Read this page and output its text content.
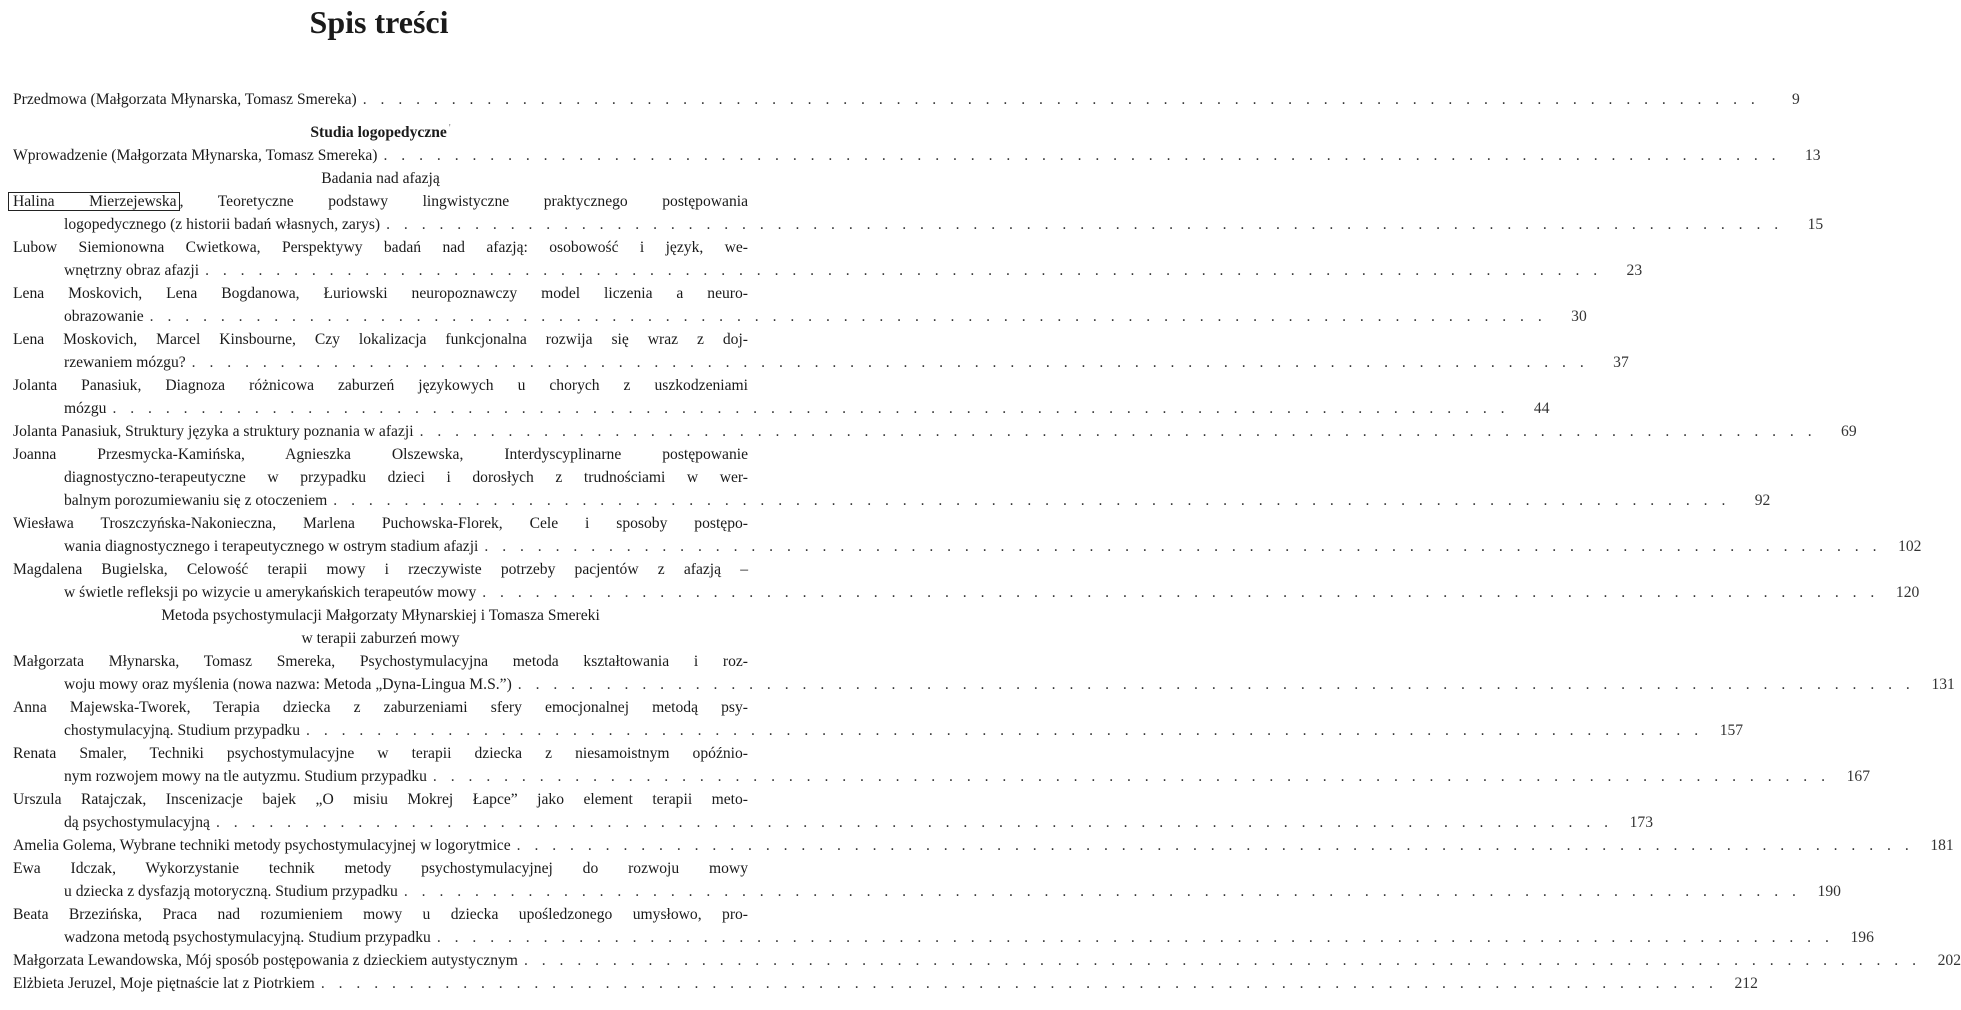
Spis treści
Przedmowa (Małgorzata Młynarska, Tomasz Smereka) . . . . . . . . . . . . . . . . . . . . . . . . . . . . . . . . . . . . . . . . . . . . . . . . . . . . . . . . . . . . . . . . . . . . . . . . . . . . . . .	9
Studia logopedyczne '
Wprowadzenie (Małgorzata Młynarska, Tomasz Smereka) . . . . . . . . . . . . . . . . . . . . . . . . . . . . . . . . . . . . . . . . . . . . . . . . . . . . . . . . . . . . . . . . . . . . . . . . . . . . . . .	13
Badania nad afazją
Halina Mierzejewska , Teoretyczne podstawy lingwistyczne praktycznego postępowania
logopedycznego (z historii badań własnych, zarys) . . . . . . . . . . . . . . . . . . . . . . . . . . . . . . . . . . . . . . . . . . . . . . . . . . . . . . . . . . . . . . . . . . . . . . . . . . . . . . .	15
Lubow Siemionowna Cwietkowa, Perspektywy badań nad afazją: osobowość i język, we-
wnętrzny obraz afazji . . . . . . . . . . . . . . . . . . . . . . . . . . . . . . . . . . . . . . . . . . . . . . . . . . . . . . . . . . . . . . . . . . . . . . . . . . . . . . .	23
Lena Moskovich, Lena Bogdanowa, Łuriowski neuropoznawczy model liczenia a neuro-
obrazowanie . . . . . . . . . . . . . . . . . . . . . . . . . . . . . . . . . . . . . . . . . . . . . . . . . . . . . . . . . . . . . . . . . . . . . . . . . . . . . . .	30
Lena Moskovich, Marcel Kinsbourne, Czy lokalizacja funkcjonalna rozwija się wraz z doj-
rzewaniem mózgu? . . . . . . . . . . . . . . . . . . . . . . . . . . . . . . . . . . . . . . . . . . . . . . . . . . . . . . . . . . . . . . . . . . . . . . . . . . . . . . .	37
Jolanta Panasiuk, Diagnoza różnicowa zaburzeń językowych u chorych z uszkodzeniami
mózgu . . . . . . . . . . . . . . . . . . . . . . . . . . . . . . . . . . . . . . . . . . . . . . . . . . . . . . . . . . . . . . . . . . . . . . . . . . . . . . .	44
Jolanta Panasiuk, Struktury języka a struktury poznania w afazji . . . . . . . . . . . . . . . . . . . . . . . . . . . . . . . . . . . . . . . . . . . . . . . . . . . . . . . . . . . . . . . . . . . . . . . . . . . . . . .	69
Joanna Przesmycka-Kamińska, Agnieszka Olszewska, Interdyscyplinarne postępowanie
diagnostyczno-terapeutyczne w przypadku dzieci i dorosłych z trudnościami w wer-
balnym porozumiewaniu się z otoczeniem . . . . . . . . . . . . . . . . . . . . . . . . . . . . . . . . . . . . . . . . . . . . . . . . . . . . . . . . . . . . . . . . . . . . . . . . . . . . . . .	92
Wiesława Troszczyńska-Nakonieczna, Marlena Puchowska-Florek, Cele i sposoby postępo-
wania diagnostycznego i terapeutycznego w ostrym stadium afazji . . . . . . . . . . . . . . . . . . . . . . . . . . . . . . . . . . . . . . . . . . . . . . . . . . . . . . . . . . . . . . . . . . . . . . . . . . . . . . .	102
Magdalena Bugielska, Celowość terapii mowy i rzeczywiste potrzeby pacjentów z afazją –
w świetle refleksji po wizycie u amerykańskich terapeutów mowy . . . . . . . . . . . . . . . . . . . . . . . . . . . . . . . . . . . . . . . . . . . . . . . . . . . . . . . . . . . . . . . . . . . . . . . . . . . . . . .	120
Metoda psychostymulacji Małgorzaty Młynarskiej i Tomasza Smereki
w terapii zaburzeń mowy
Małgorzata Młynarska, Tomasz Smereka, Psychostymulacyjna metoda kształtowania i roz-
woju mowy oraz myślenia (nowa nazwa: Metoda „Dyna-Lingua M.S.”) . . . . . . . . . . . . . . . . . . . . . . . . . . . . . . . . . . . . . . . . . . . . . . . . . . . . . . . . . . . . . . . . . . . . . . . . . . . . . . .	131
Anna Majewska-Tworek, Terapia dziecka z zaburzeniami sfery emocjonalnej metodą psy-
chostymulacyjną. Studium przypadku . . . . . . . . . . . . . . . . . . . . . . . . . . . . . . . . . . . . . . . . . . . . . . . . . . . . . . . . . . . . . . . . . . . . . . . . . . . . . . .	157
Renata Smaler, Techniki psychostymulacyjne w terapii dziecka z niesamoistnym opóźnio-
nym rozwojem mowy na tle autyzmu. Studium przypadku . . . . . . . . . . . . . . . . . . . . . . . . . . . . . . . . . . . . . . . . . . . . . . . . . . . . . . . . . . . . . . . . . . . . . . . . . . . . . . .	167
Urszula Ratajczak, Inscenizacje bajek „O misiu Mokrej Łapce” jako element terapii meto-
dą psychostymulacyjną . . . . . . . . . . . . . . . . . . . . . . . . . . . . . . . . . . . . . . . . . . . . . . . . . . . . . . . . . . . . . . . . . . . . . . . . . . . . . . .	173
Amelia Golema, Wybrane techniki metody psychostymulacyjnej w logorytmice . . . . . . . . . . . . . . . . . . . . . . . . . . . . . . . . . . . . . . . . . . . . . . . . . . . . . . . . . . . . . . . . . . . . . . . . . . . . . . .	181
Ewa Idczak, Wykorzystanie technik metody psychostymulacyjnej do rozwoju mowy
u dziecka z dysfazją motoryczną. Studium przypadku . . . . . . . . . . . . . . . . . . . . . . . . . . . . . . . . . . . . . . . . . . . . . . . . . . . . . . . . . . . . . . . . . . . . . . . . . . . . . . .	190
Beata Brzezińska, Praca nad rozumieniem mowy u dziecka upośledzonego umysłowo, pro-
wadzona metodą psychostymulacyjną. Studium przypadku . . . . . . . . . . . . . . . . . . . . . . . . . . . . . . . . . . . . . . . . . . . . . . . . . . . . . . . . . . . . . . . . . . . . . . . . . . . . . . .	196
Małgorzata Lewandowska, Mój sposób postępowania z dzieckiem autystycznym . . . . . . . . . . . . . . . . . . . . . . . . . . . . . . . . . . . . . . . . . . . . . . . . . . . . . . . . . . . . . . . . . . . . . . . . . . . . . . .	202
Elżbieta Jeruzel, Moje piętnaście lat z Piotrkiem . . . . . . . . . . . . . . . . . . . . . . . . . . . . . . . . . . . . . . . . . . . . . . . . . . . . . . . . . . . . . . . . . . . . . . . . . . . . . . .	212
